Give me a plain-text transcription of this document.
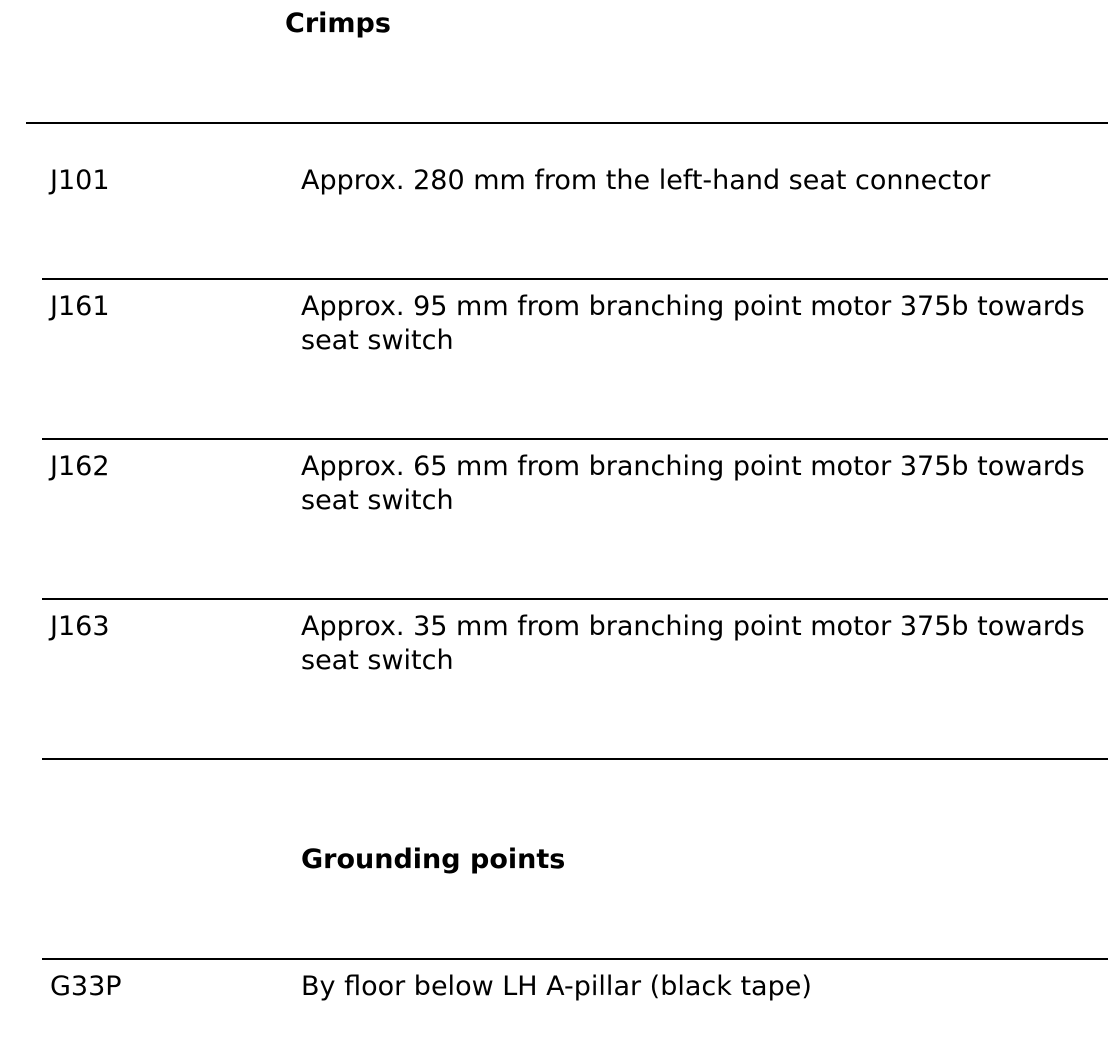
Crimps
J101	Approx. 280 mm from the left-hand seat connector
J161	Approx. 95 mm from branching point motor 375b towards seat switch
J162	Approx. 65 mm from branching point motor 375b towards seat switch
J163	Approx. 35 mm from branching point motor 375b towards seat switch
Grounding points
G33P	By floor below LH A-pillar (black tape)
